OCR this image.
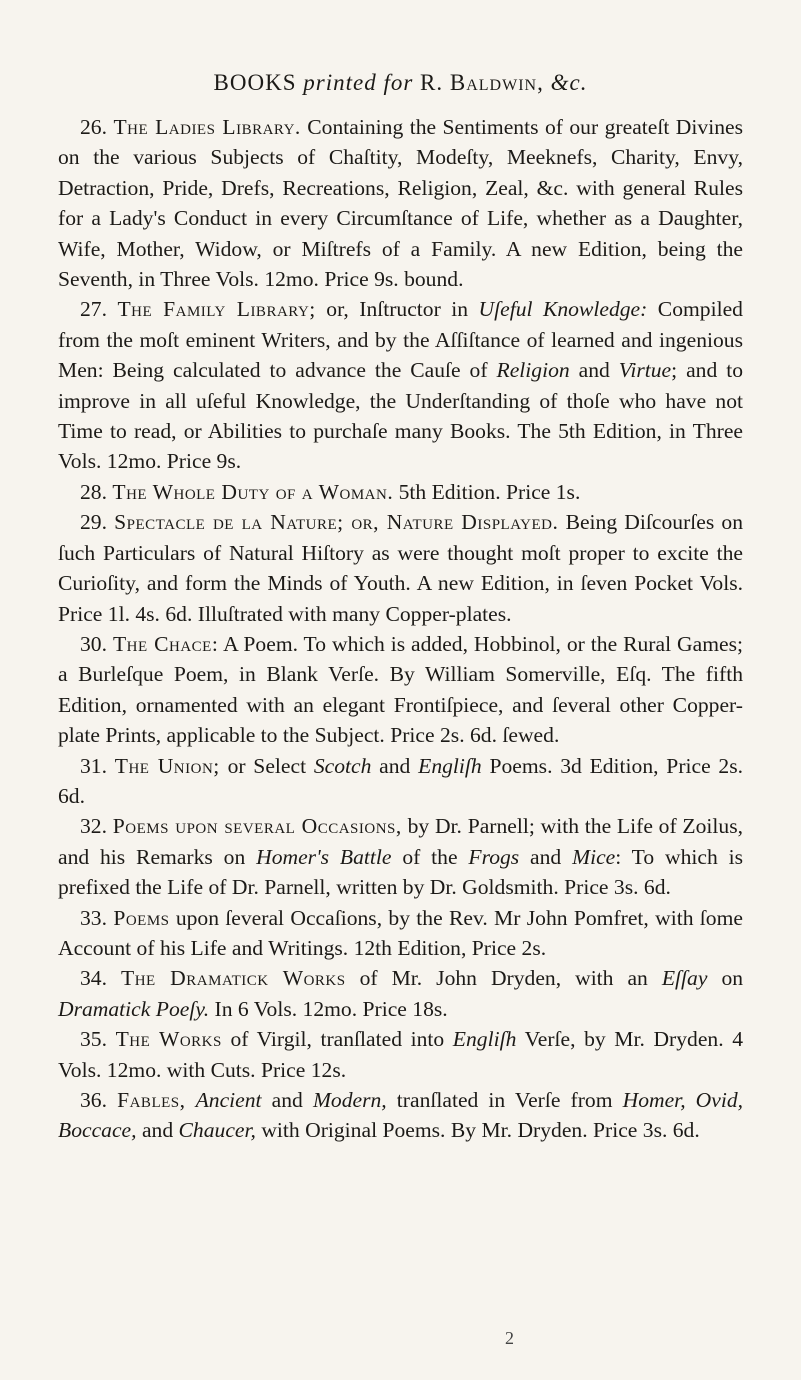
BOOKS printed for R. Baldwin, &c.

26. The Ladies Library. Containing the Sentiments of our greateſt Divines on the various Subjects of Chaſtity, Modeſty, Meeknefs, Charity, Envy, Detraction, Pride, Drefs, Recreations, Religion, Zeal, &c. with general Rules for a Lady's Conduct in every Circumſtance of Life, whether as a Daughter, Wife, Mother, Widow, or Miſtrefs of a Family. A new Edition, being the Seventh, in Three Vols. 12mo. Price 9s. bound.

27. The Family Library; or, Inſtructor in Uſeful Knowledge: Compiled from the moſt eminent Writers, and by the Aſſiſtance of learned and ingenious Men: Being calculated to advance the Cauſe of Religion and Virtue; and to improve in all uſeful Knowledge, the Underſtanding of thoſe who have not Time to read, or Abilities to purchaſe many Books. The 5th Edition, in Three Vols. 12mo. Price 9s.

28. The Whole Duty of a Woman. 5th Edition. Price 1s.

29. Spectacle de la Nature; or, Nature Displayed. Being Diſcourſes on ſuch Particulars of Natural Hiſtory as were thought moſt proper to excite the Curioſity, and form the Minds of Youth. A new Edition, in ſeven Pocket Vols. Price 1l. 4s. 6d. Illuſtrated with many Copper-plates.

30. The Chace: A Poem. To which is added, Hobbinol, or the Rural Games; a Burleſque Poem, in Blank Verſe. By William Somerville, Eſq. The fifth Edition, ornamented with an elegant Frontiſpiece, and ſeveral other Copper-plate Prints, applicable to the Subject. Price 2s. 6d. ſewed.

31. The Union; or Select Scotch and Engliſh Poems. 3d Edition, Price 2s. 6d.

32. Poems upon ſeveral Occaſions, by Dr. Parnell; with the Life of Zoilus, and his Remarks on Homer's Battle of the Frogs and Mice: To which is prefixed the Life of Dr. Parnell, written by Dr. Goldsmith. Price 3s. 6d.

33. Poems upon ſeveral Occaſions, by the Rev. Mr John Pomfret, with ſome Account of his Life and Writings. 12th Edition, Price 2s.

34. The Dramatick Works of Mr. John Dryden, with an Eſſay on Dramatick Poeſy. In 6 Vols. 12mo. Price 18s.

35. The Works of Virgil, tranſlated into Engliſh Verſe, by Mr. Dryden. 4 Vols. 12mo. with Cuts. Price 12s.

36. Fables, Ancient and Modern, tranſlated in Verſe from Homer, Ovid, Boccace, and Chaucer, with Original Poems. By Mr. Dryden. Price 3s. 6d.

2
